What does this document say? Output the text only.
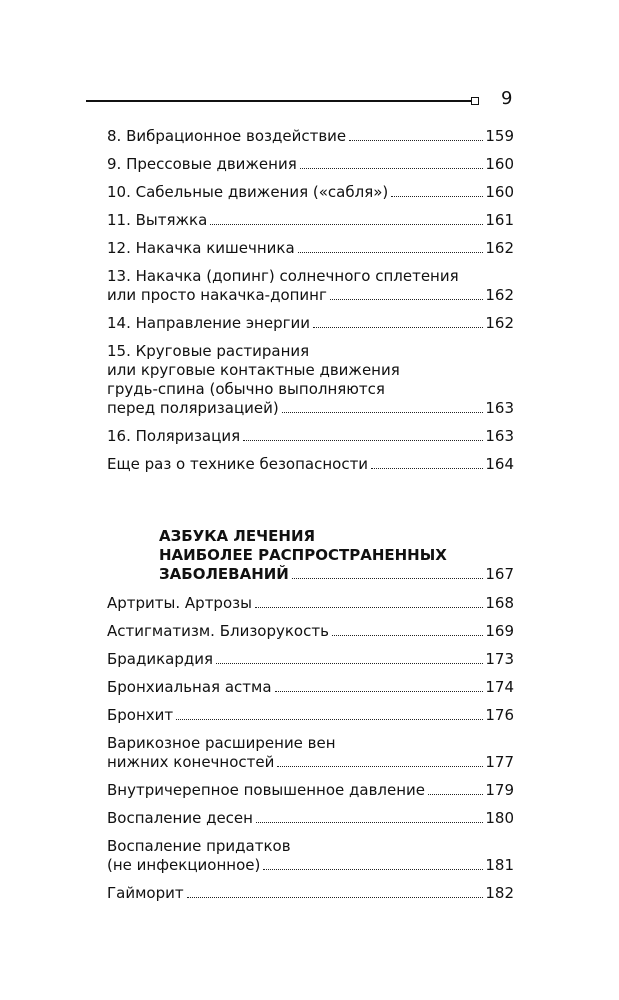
9
8. Вибрационное воздействие	159
9. Прессовые движения	160
10. Сабельные движения («сабля»)	160
11. Вытяжка	161
12. Накачка кишечника	162
13. Накачка (допинг) солнечного сплетения
или просто накачка-допинг	162
14. Направление энергии	162
15. Круговые растирания
или круговые контактные движения
грудь-спина (обычно выполняются
перед поляризацией)	163
16. Поляризация	163
Еще раз о технике безопасности	164
АЗБУКА ЛЕЧЕНИЯ
НАИБОЛЕЕ РАСПРОСТРАНЕННЫХ
ЗАБОЛЕВАНИЙ	167
Артриты. Артрозы	168
Астигматизм. Близорукость	169
Брадикардия	173
Бронхиальная астма	174
Бронхит	176
Варикозное расширение вен
нижних конечностей	177
Внутричерепное повышенное давление	179
Воспаление десен	180
Воспаление придатков
(не инфекционное)	181
Гайморит	182
